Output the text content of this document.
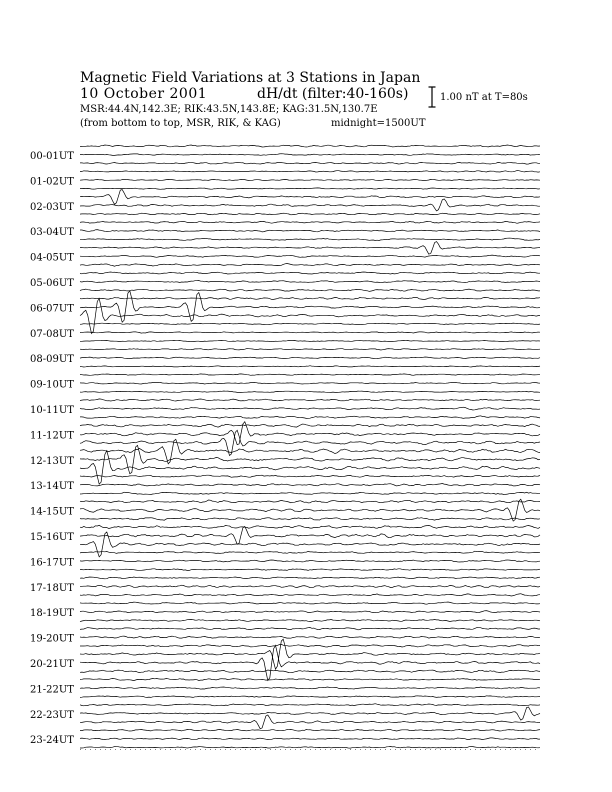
Magnetic Field Variations at 3 Stations in Japan
10 October 2001	dH/dt (filter:40-160s)
MSR:44.4N,142.3E; RIK:43.5N,143.8E; KAG:31.5N,130.7E
(from bottom to top, MSR, RIK, & KAG)	midnight=1500UT
1.00 nT at T=80s
00-01UT
01-02UT
02-03UT
03-04UT
04-05UT
05-06UT
06-07UT
07-08UT
08-09UT
09-10UT
10-11UT
11-12UT
12-13UT
13-14UT
14-15UT
15-16UT
16-17UT
17-18UT
18-19UT
19-20UT
20-21UT
21-22UT
22-23UT
23-24UT
